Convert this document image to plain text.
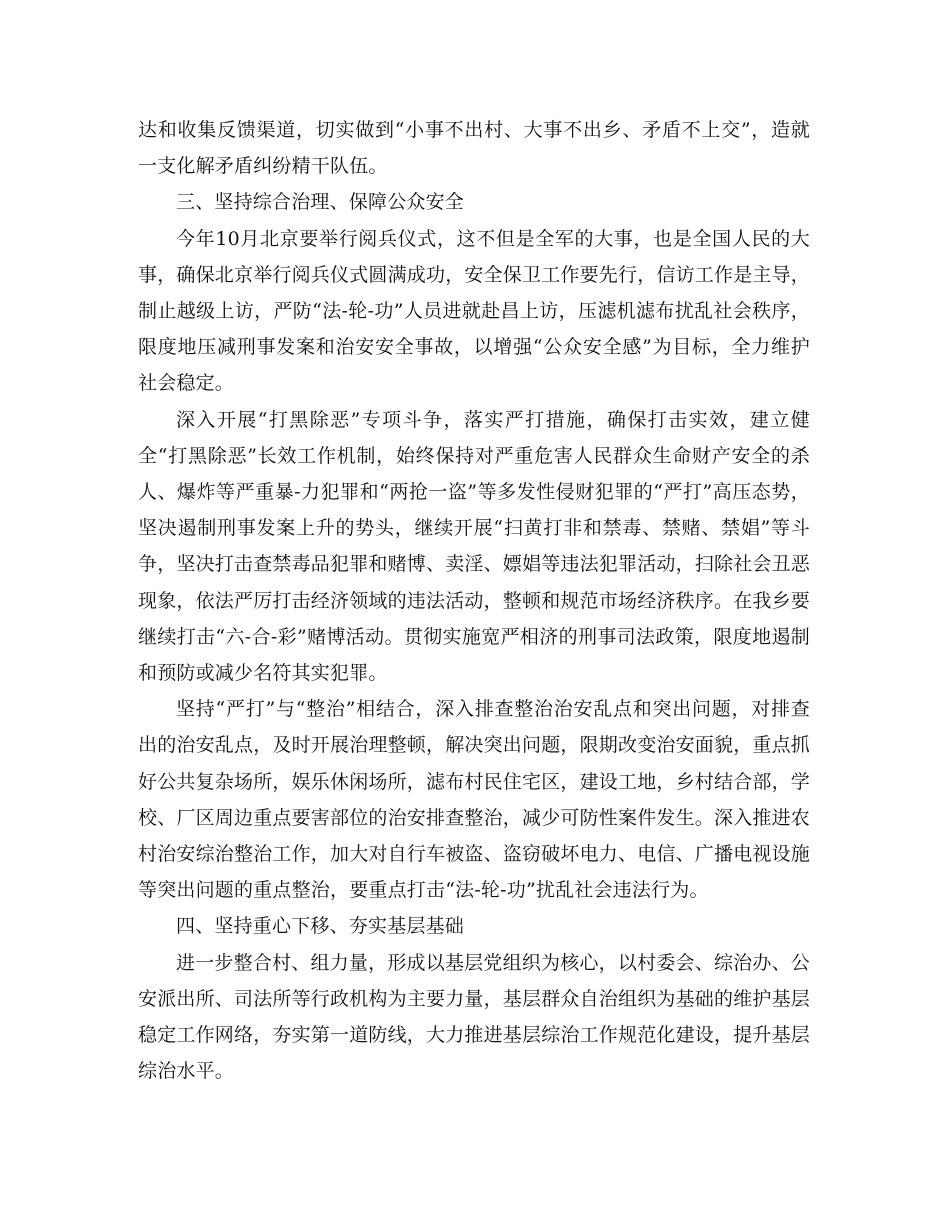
达和收集反馈渠道，切实做到“小事不出村、大事不出乡、矛盾不上交”，造就一支化解矛盾纠纷精干队伍。

三、坚持综合治理、保障公众安全

今年10月北京要举行阅兵仪式，这不但是全军的大事，也是全国人民的大事，确保北京举行阅兵仪式圆满成功，安全保卫工作要先行，信访工作是主导，制止越级上访，严防“法-轮-功”人员进就赴昌上访，压滤机滤布扰乱社会秩序，限度地压减刑事发案和治安安全事故，以增强“公众安全感”为目标，全力维护社会稳定。

深入开展“打黑除恶”专项斗争，落实严打措施，确保打击实效，建立健全“打黑除恶”长效工作机制，始终保持对严重危害人民群众生命财产安全的杀人、爆炸等严重暴-力犯罪和“两抢一盗”等多发性侵财犯罪的“严打”高压态势，坚决遏制刑事发案上升的势头，继续开展“扫黄打非和禁毒、禁赌、禁娼”等斗争，坚决打击查禁毒品犯罪和赌博、卖淫、嫖娼等违法犯罪活动，扫除社会丑恶现象，依法严厉打击经济领域的违法活动，整顿和规范市场经济秩序。在我乡要继续打击“六-合-彩”赌博活动。贯彻实施宽严相济的刑事司法政策，限度地遏制和预防或减少名符其实犯罪。

坚持“严打”与“整治”相结合，深入排查整治治安乱点和突出问题，对排查出的治安乱点，及时开展治理整顿，解决突出问题，限期改变治安面貌，重点抓好公共复杂场所，娱乐休闲场所，滤布村民住宅区，建设工地，乡村结合部，学校、厂区周边重点要害部位的治安排查整治，减少可防性案件发生。深入推进农村治安综治整治工作，加大对自行车被盗、盗窃破坏电力、电信、广播电视设施等突出问题的重点整治，要重点打击“法-轮-功”扰乱社会违法行为。

四、坚持重心下移、夯实基层基础

进一步整合村、组力量，形成以基层党组织为核心，以村委会、综治办、公安派出所、司法所等行政机构为主要力量，基层群众自治组织为基础的维护基层稳定工作网络，夯实第一道防线，大力推进基层综治工作规范化建设，提升基层综治水平。
